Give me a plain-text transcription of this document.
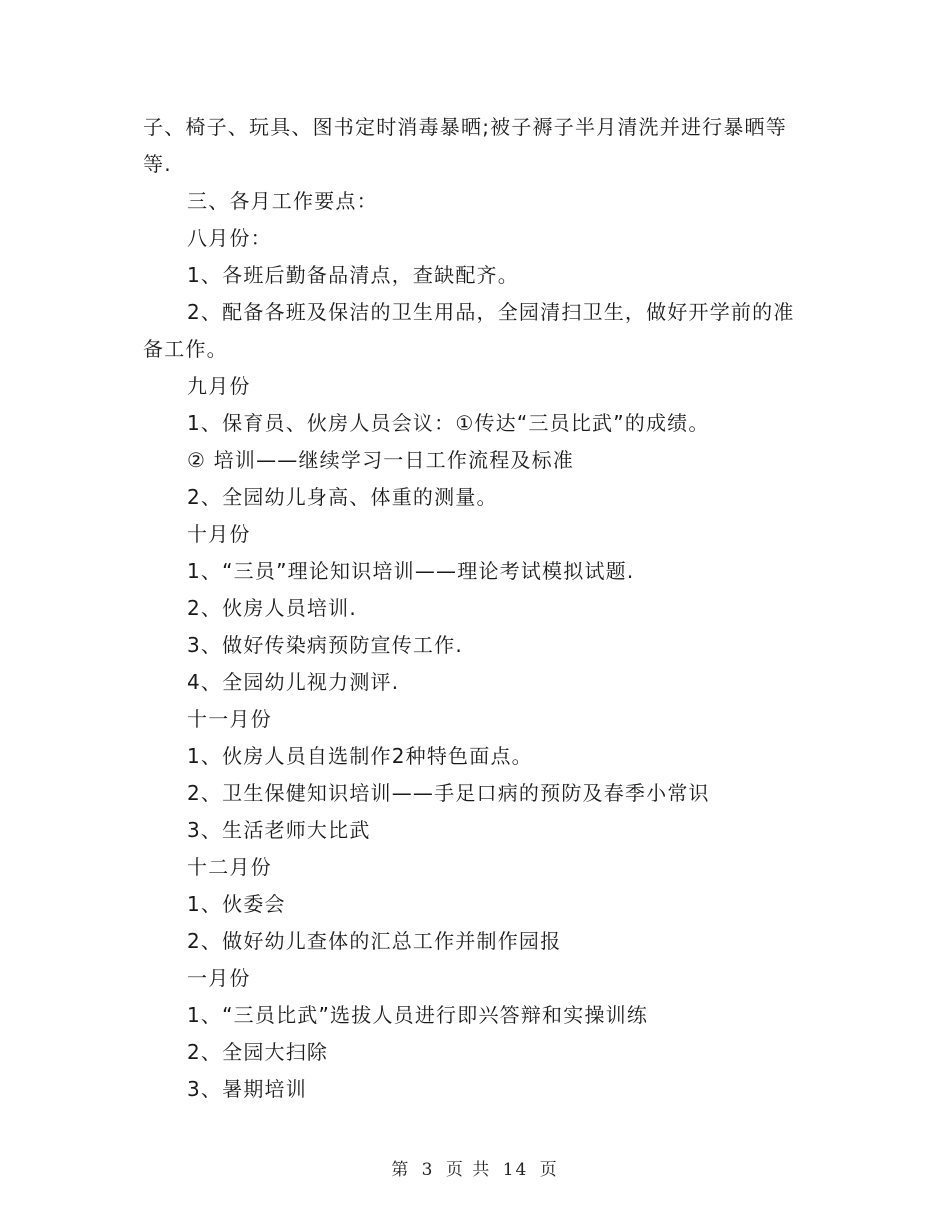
子、椅子、玩具、图书定时消毒暴晒;被子褥子半月清洗并进行暴晒等
等.
三、各月工作要点：
八月份：
1、各班后勤备品清点，查缺配齐。
2、配备各班及保洁的卫生用品，全园清扫卫生，做好开学前的准
备工作。
九月份
1、保育员、伙房人员会议：①传达“三员比武”的成绩。
② 培训——继续学习一日工作流程及标准
2、全园幼儿身高、体重的测量。
十月份
1、“三员”理论知识培训——理论考试模拟试题.
2、伙房人员培训.
3、做好传染病预防宣传工作.
4、全园幼儿视力测评.
十一月份
1、伙房人员自选制作2种特色面点。
2、卫生保健知识培训——手足口病的预防及春季小常识
3、生活老师大比武
十二月份
1、伙委会
2、做好幼儿查体的汇总工作并制作园报
一月份
1、“三员比武”选拔人员进行即兴答辩和实操训练
2、全园大扫除
3、暑期培训
第 3 页 共 14 页
